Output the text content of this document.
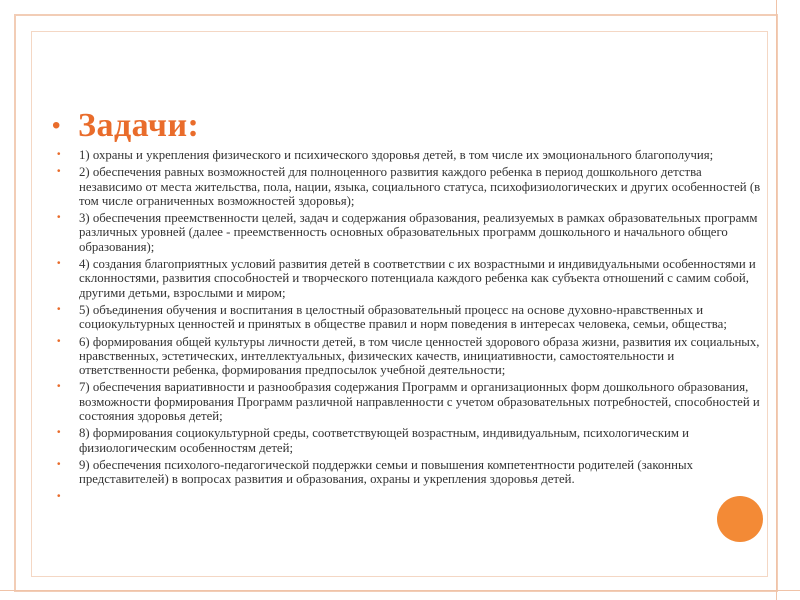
• Задачи:
• 1) охраны и укрепления физического и психического здоровья детей, в том числе их эмоционального благополучия;
• 2) обеспечения равных возможностей для полноценного развития каждого ребенка в период дошкольного детства независимо от места жительства, пола, нации, языка, социального статуса, психофизиологических и других особенностей (в том числе ограниченных возможностей здоровья);
• 3) обеспечения преемственности целей, задач и содержания образования, реализуемых в рамках образовательных программ различных уровней (далее - преемственность основных образовательных программ дошкольного и начального общего образования);
• 4) создания благоприятных условий развития детей в соответствии с их возрастными и индивидуальными особенностями и склонностями, развития способностей и творческого потенциала каждого ребенка как субъекта отношений с самим собой, другими детьми, взрослыми и миром;
• 5) объединения обучения и воспитания в целостный образовательный процесс на основе духовно-нравственных и социокультурных ценностей и принятых в обществе правил и норм поведения в интересах человека, семьи, общества;
• 6) формирования общей культуры личности детей, в том числе ценностей здорового образа жизни, развития их социальных, нравственных, эстетических, интеллектуальных, физических качеств, инициативности, самостоятельности и ответственности ребенка, формирования предпосылок учебной деятельности;
• 7) обеспечения вариативности и разнообразия содержания Программ и организационных форм дошкольного образования, возможности формирования Программ различной направленности с учетом образовательных потребностей, способностей и состояния здоровья детей;
• 8) формирования социокультурной среды, соответствующей возрастным, индивидуальным, психологическим и физиологическим особенностям детей;
• 9) обеспечения психолого-педагогической поддержки семьи и повышения компетентности родителей (законных представителей) в вопросах развития и образования, охраны и укрепления здоровья детей.
•
